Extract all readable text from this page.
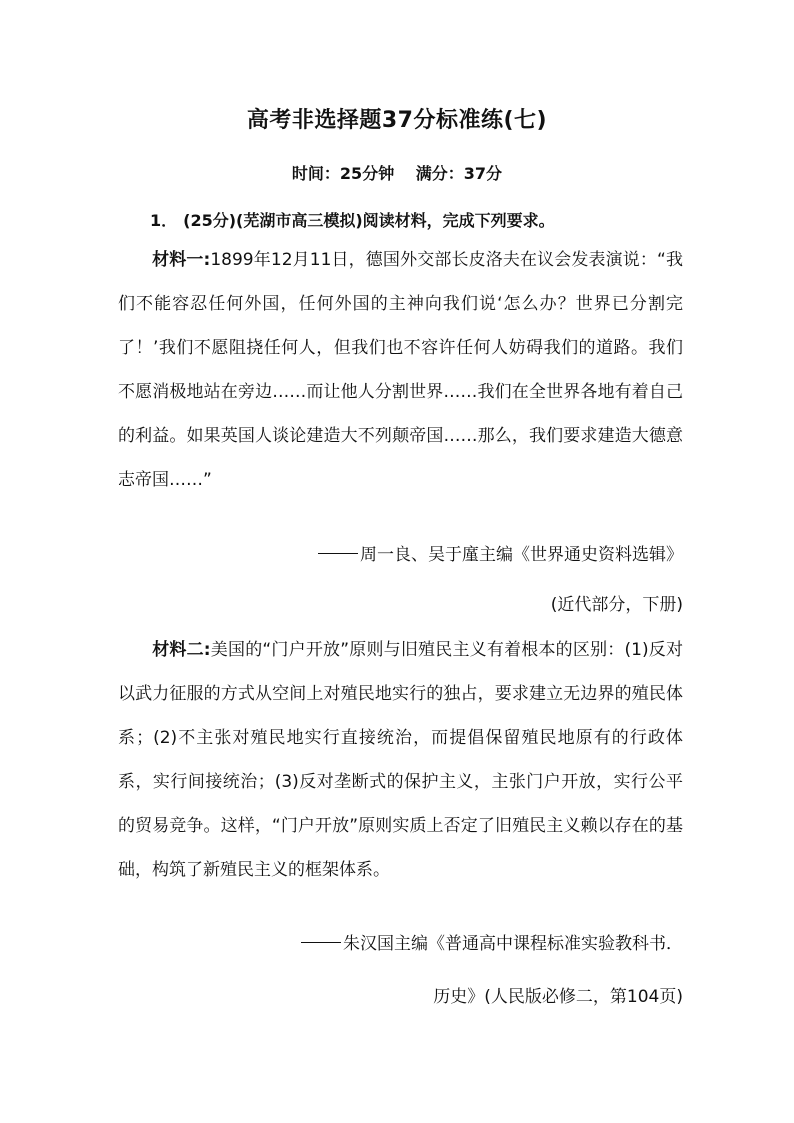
高考非选择题37分标准练(七)
时间：25分钟 满分：37分
1． (25分)(芜湖市高三模拟)阅读材料，完成下列要求。
材料一:1899年12月11日，德国外交部长皮洛夫在议会发表演说：“我们不能容忍任何外国，任何外国的主神向我们说‘怎么办？世界已分割完了！’我们不愿阻挠任何人，但我们也不容许任何人妨碍我们的道路。我们不愿消极地站在旁边……而让他人分割世界……我们在全世界各地有着自己的利益。如果英国人谈论建造大不列颠帝国……那么，我们要求建造大德意志帝国……”
周一良、吴于廑主编《世界通史资料选辑》
(近代部分，下册)
材料二:美国的“门户开放”原则与旧殖民主义有着根本的区别：(1)反对以武力征服的方式从空间上对殖民地实行的独占，要求建立无边界的殖民体系；(2)不主张对殖民地实行直接统治，而提倡保留殖民地原有的行政体系，实行间接统治；(3)反对垄断式的保护主义，主张门户开放，实行公平的贸易竞争。这样，“门户开放”原则实质上否定了旧殖民主义赖以存在的基础，构筑了新殖民主义的框架体系。
朱汉国主编《普通高中课程标准实验教科书．
历史》(人民版必修二，第104页)
